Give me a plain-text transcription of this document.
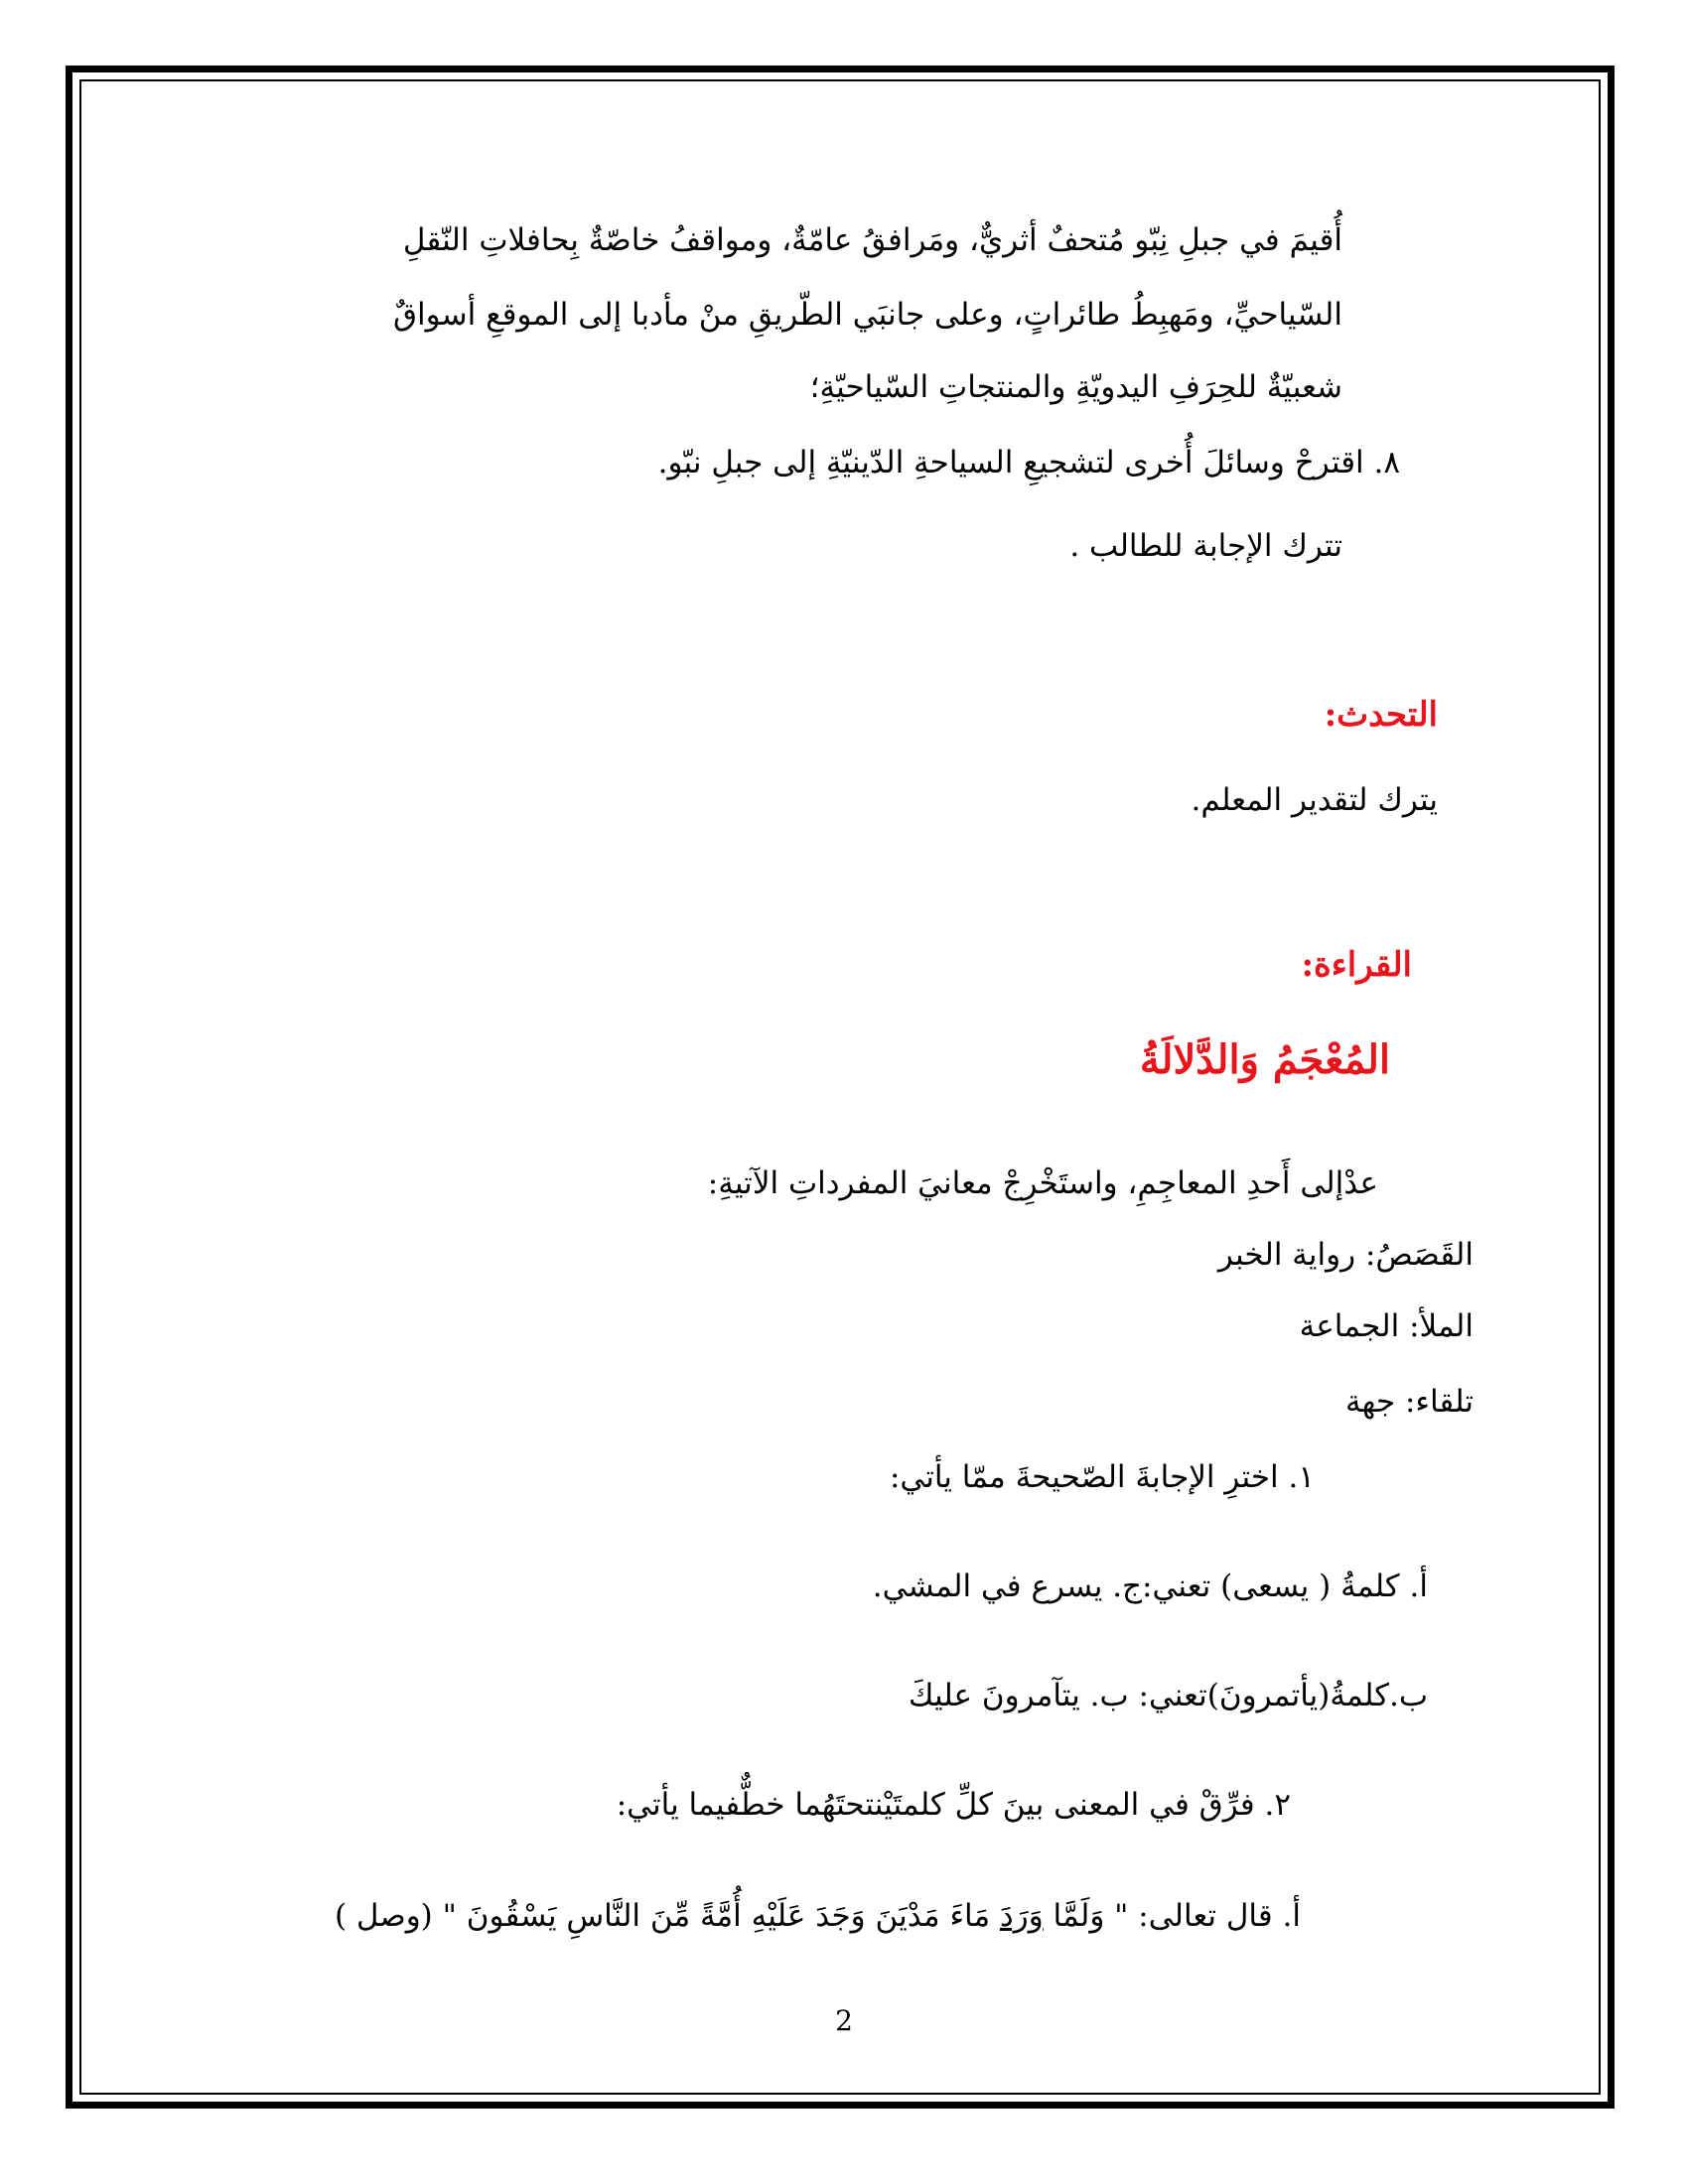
أُقيمَ في جبلِ نِبّو مُتحفٌ أثريٌّ، ومَرافقُ عامّةٌ، ومواقفُ خاصّةٌ بِحافلاتِ النّقلِ
السّياحيِّ، ومَهبِطُ طائراتٍ، وعلى جانبَي الطّريقِ منْ مأدبا إلى الموقعِ أسواقٌ
شعبيّةٌ للحِرَفِ اليدويّةِ والمنتجاتِ السّياحيّةِ؛
٨. اقترحْ وسائلَ أُخرى لتشجيعِ السياحةِ الدّينيّةِ إلى جبلِ نبّو.
تترك الإجابة للطالب .
التحدث:
يترك لتقدير المعلم.
القراءة:
المُعْجَمُ وَالدَّلالَةُ
عدْإلى أَحدِ المعاجِمِ، واستَخْرِجْ معانيَ المفرداتِ الآتيةِ:
القَصَصُ: رواية الخبر
الملأ: الجماعة
تلقاء: جهة
١. اخترِ الإجابةَ الصّحيحةَ ممّا يأتي:
أ. كلمةُ ( يسعى) تعني:ج. يسرع في المشي.
ب.كلمةُ(يأتمرونَ)تعني: ب. يتآمرونَ عليكَ
٢. فرِّقْ في المعنى بينَ كلِّ كلمتَيْنتحتَهُما خطٌّفيما يأتي:
أ. قال تعالى: " وَلَمَّا وَرَدَ مَاءَ مَدْيَنَ وَجَدَ عَلَيْهِ أُمَّةً مِّنَ النَّاسِ يَسْقُونَ " (وصل )
2
